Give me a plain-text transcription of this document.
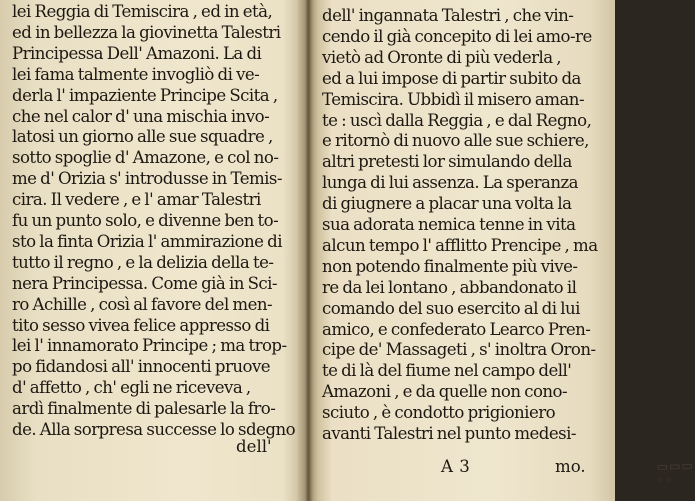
lei Reggia di Temiscira , ed in età,
ed in bellezza la giovinetta Talestri
Principessa Dell' Amazoni. La di
lei fama talmente invogliò di ve-
derla l' impaziente Principe Scita ,
che nel calor d' una mischia invo-
latosi un giorno alle sue squadre ,
sotto spoglie d' Amazone, e col no-
me d' Orizia s' introdusse in Temis-
cira. Il vedere , e l' amar Talestri
fu un punto solo, e divenne ben to-
sto la finta Orizia l' ammirazione di
tutto il regno , e la delizia della te-
nera Principessa. Come già in Sci-
ro Achille , così al favore del men-
tito sesso vivea felice appresso di
lei l' innamorato Principe ; ma trop-
po fidandosi all' innocenti pruove
d' affetto , ch' egli ne riceveva ,
ardì finalmente di palesarle la fro-
de. Alla sorpresa successe lo sdegno
dell'
dell' ingannata Talestri , che vin-
cendo il già concepito di lei amo-re
vietò ad Oronte di più vederla ,
ed a lui impose di partir subito da
Temiscira. Ubbidì il misero aman-
te : uscì dalla Reggia , e dal Regno,
e ritornò di nuovo alle sue schiere,
altri pretesti lor simulando della
lunga di lui assenza. La speranza
di giugnere a placar una volta la
sua adorata nemica tenne in vita
alcun tempo l' afflitto Prencipe , ma
non potendo finalmente più vive-
re da lei lontano , abbandonato il
comando del suo esercito al di lui
amico, e confederato Learco Pren-
cipe de' Massageti , s' inoltra Oron-
te di là del fiume nel campo dell'
Amazoni , e da quelle non cono-
sciuto , è condotto prigioniero
avanti Talestri nel punto medesi-
A 3	mo.	▭▭▭ ◦◦
